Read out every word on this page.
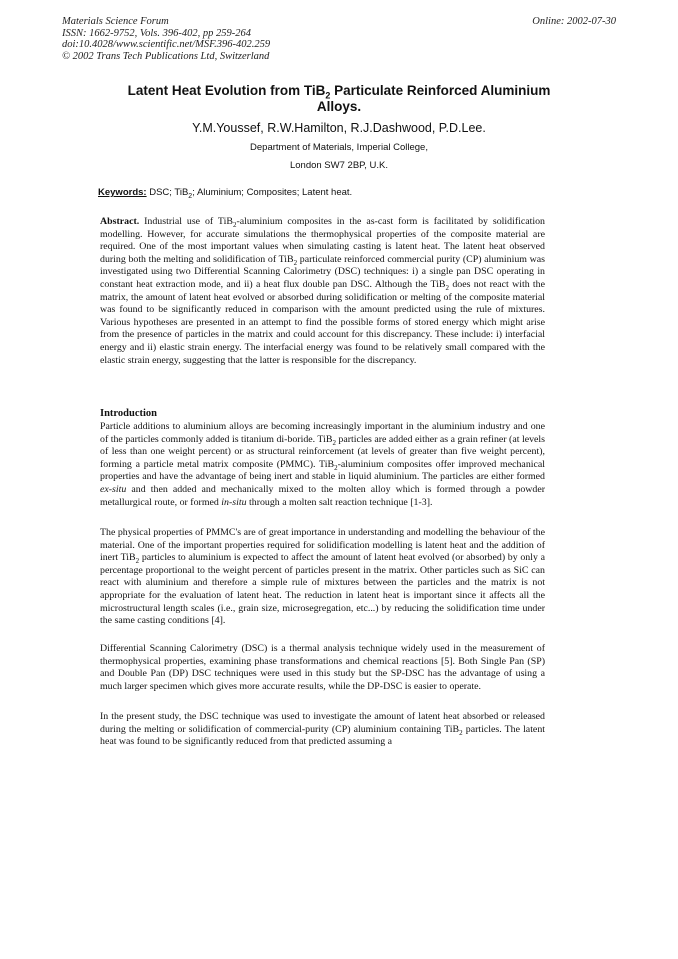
Materials Science Forum
ISSN: 1662-9752, Vols. 396-402, pp 259-264
doi:10.4028/www.scientific.net/MSF.396-402.259
© 2002 Trans Tech Publications Ltd, Switzerland
Online: 2002-07-30
Latent Heat Evolution from TiB$_2$ Particulate Reinforced Aluminium
Alloys.
Y.M.Youssef, R.W.Hamilton, R.J.Dashwood, P.D.Lee.
Department of Materials, Imperial College,
London SW7 2BP, U.K.
Keywords: DSC; TiB$_2$; Aluminium; Composites; Latent heat.
Abstract. Industrial use of TiB$_2$-aluminium composites in the as-cast form is facilitated by solidification modelling. However, for accurate simulations the thermophysical properties of the composite material are required. One of the most important values when simulating casting is latent heat. The latent heat observed during both the melting and solidification of TiB$_2$ particulate reinforced commercial purity (CP) aluminium was investigated using two Differential Scanning Calorimetry (DSC) techniques: i) a single pan DSC operating in constant heat extraction mode, and ii) a heat flux double pan DSC. Although the TiB$_2$ does not react with the matrix, the amount of latent heat evolved or absorbed during solidification or melting of the composite material was found to be significantly reduced in comparison with the amount predicted using the rule of mixtures. Various hypotheses are presented in an attempt to find the possible forms of stored energy which might arise from the presence of particles in the matrix and could account for this discrepancy. These include: i) interfacial energy and ii) elastic strain energy. The interfacial energy was found to be relatively small compared with the elastic strain energy, suggesting that the latter is responsible for the discrepancy.
Introduction
Particle additions to aluminium alloys are becoming increasingly important in the aluminium industry and one of the particles commonly added is titanium di-boride. TiB$_2$ particles are added either as a grain refiner (at levels of less than one weight percent) or as structural reinforcement (at levels of greater than five weight percent), forming a particle metal matrix composite (PMMC). TiB$_2$-aluminium composites offer improved mechanical properties and have the advantage of being inert and stable in liquid aluminium. The particles are either formed ex-situ and then added and mechanically mixed to the molten alloy which is formed through a powder metallurgical route, or formed in-situ through a molten salt reaction technique [1-3].
The physical properties of PMMC's are of great importance in understanding and modelling the behaviour of the material. One of the important properties required for solidification modelling is latent heat and the addition of inert TiB$_2$ particles to aluminium is expected to affect the amount of latent heat evolved (or absorbed) by only a percentage proportional to the weight percent of particles present in the matrix. Other particles such as SiC can react with aluminium and therefore a simple rule of mixtures between the particles and the matrix is not appropriate for the evaluation of latent heat. The reduction in latent heat is important since it affects all the microstructural length scales (i.e., grain size, microsegregation, etc...) by reducing the solidification time under the same casting conditions [4].
Differential Scanning Calorimetry (DSC) is a thermal analysis technique widely used in the measurement of thermophysical properties, examining phase transformations and chemical reactions [5]. Both Single Pan (SP) and Double Pan (DP) DSC techniques were used in this study but the SP-DSC has the advantage of using a much larger specimen which gives more accurate results, while the DP-DSC is easier to operate.
In the present study, the DSC technique was used to investigate the amount of latent heat absorbed or released during the melting or solidification of commercial-purity (CP) aluminium containing TiB$_2$ particles. The latent heat was found to be significantly reduced from that predicted assuming a
